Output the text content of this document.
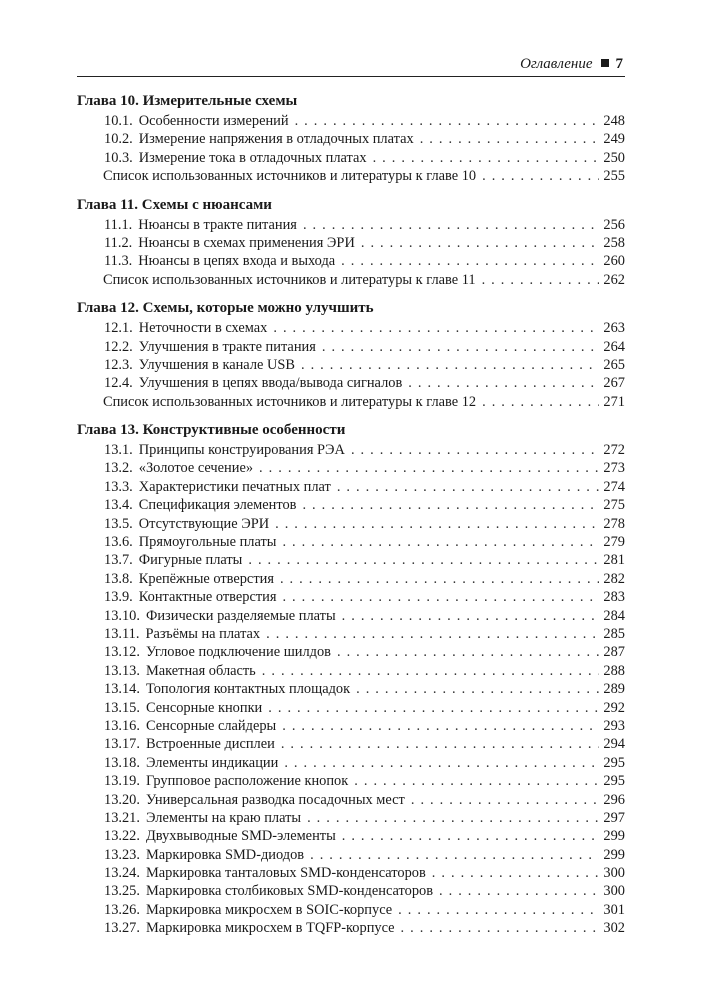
Оглавление 7
Глава 10. Измерительные схемы
10.1. Особенности измерений . . .	248
10.2. Измерение напряжения в отладочных платах . . .	249
10.3. Измерение тока в отладочных платах . . .	250
Список использованных источников и литературы к главе 10 . . .	255
Глава 11. Схемы с нюансами
11.1. Нюансы в тракте питания . . .	256
11.2. Нюансы в схемах применения ЭРИ . . .	258
11.3. Нюансы в цепях входа и выхода . . .	260
Список использованных источников и литературы к главе 11 . . .	262
Глава 12. Схемы, которые можно улучшить
12.1. Неточности в схемах . . .	263
12.2. Улучшения в тракте питания . . .	264
12.3. Улучшения в канале USB . . .	265
12.4. Улучшения в цепях ввода/вывода сигналов . . .	267
Список использованных источников и литературы к главе 12 . . .	271
Глава 13. Конструктивные особенности
13.1. Принципы конструирования РЭА . . .	272
13.2. «Золотое сечение» . . .	273
13.3. Характеристики печатных плат . . .	274
13.4. Спецификация элементов . . .	275
13.5. Отсутствующие ЭРИ . . .	278
13.6. Прямоугольные платы . . .	279
13.7. Фигурные платы . . .	281
13.8. Крепёжные отверстия . . .	282
13.9. Контактные отверстия . . .	283
13.10. Физически разделяемые платы . . .	284
13.11. Разъёмы на платах . . .	285
13.12. Угловое подключение шилдов . . .	287
13.13. Макетная область . . .	288
13.14. Топология контактных площадок . . .	289
13.15. Сенсорные кнопки . . .	292
13.16. Сенсорные слайдеры . . .	293
13.17. Встроенные дисплеи . . .	294
13.18. Элементы индикации . . .	295
13.19. Групповое расположение кнопок . . .	295
13.20. Универсальная разводка посадочных мест . . .	296
13.21. Элементы на краю платы . . .	297
13.22. Двухвыводные SMD-элементы . . .	299
13.23. Маркировка SMD-диодов . . .	299
13.24. Маркировка танталовых SMD-конденсаторов . . .	300
13.25. Маркировка столбиковых SMD-конденсаторов . . .	300
13.26. Маркировка микросхем в SOIC-корпусе . . .	301
13.27. Маркировка микросхем в TQFP-корпусе . . .	302
